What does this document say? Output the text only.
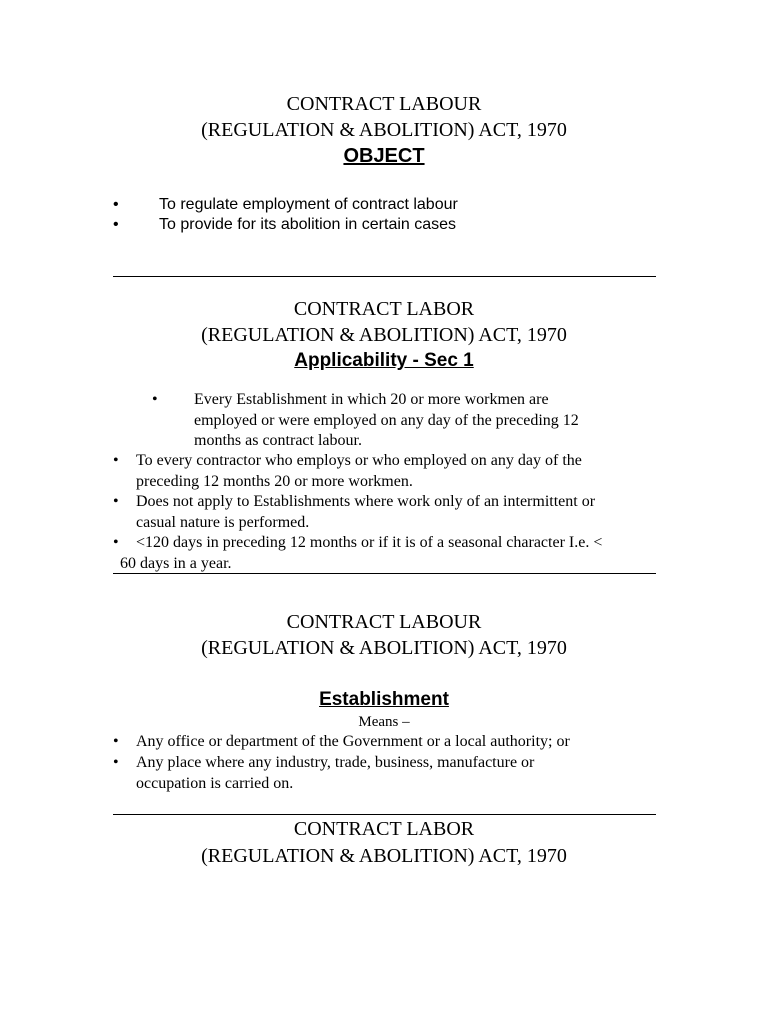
CONTRACT LABOUR
(REGULATION & ABOLITION) ACT, 1970
OBJECT
•	To regulate employment of contract labour
•	To provide for its abolition in certain cases
CONTRACT LABOR
(REGULATION & ABOLITION) ACT, 1970
Applicability - Sec 1
• Every Establishment in which 20 or more workmen are
employed or were employed on any day of the preceding 12
months as contract labour.
• To every contractor who employs or who employed on any day of the
preceding 12 months 20 or more workmen.
• Does not apply to Establishments where work only of an intermittent or
casual nature is performed.
• <120 days in preceding 12 months or if it is of a seasonal character I.e. <
60 days in a year.
CONTRACT LABOUR
(REGULATION & ABOLITION) ACT, 1970
Establishment
Means –
• Any office or department of the Government or a local authority; or
• Any place where any industry, trade, business, manufacture or
occupation is carried on.
CONTRACT LABOR
(REGULATION & ABOLITION) ACT, 1970
